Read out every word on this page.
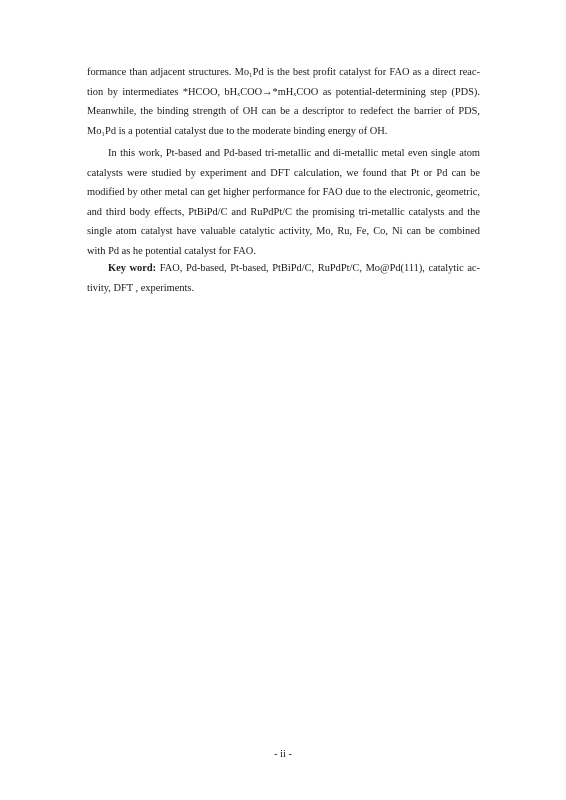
formance than adjacent structures. Mo₁Pd is the best profit catalyst for FAO as a direct reac-
tion by intermediates *HCOO, bHₓCOO→*mHₓCOO as potential-determining step (PDS).
Meanwhile, the binding strength of OH can be a descriptor to redefect the barrier of PDS,
Mo₁Pd is a potential catalyst due to the moderate binding energy of OH.
In this work, Pt-based and Pd-based tri-metallic and di-metallic metal even single atom
catalysts were studied by experiment and DFT calculation, we found that Pt or Pd can be
modified by other metal can get higher performance for FAO due to the electronic, geometric,
and third body effects, PtBiPd/C and RuPdPt/C the promising tri-metallic catalysts and the
single atom catalyst have valuable catalytic activity, Mo, Ru, Fe, Co, Ni can be combined
with Pd as he potential catalyst for FAO.
Key word: FAO, Pd-based, Pt-based, PtBiPd/C, RuPdPt/C, Mo@Pd(111), catalytic ac-
tivity, DFT , experiments.
- ii -
